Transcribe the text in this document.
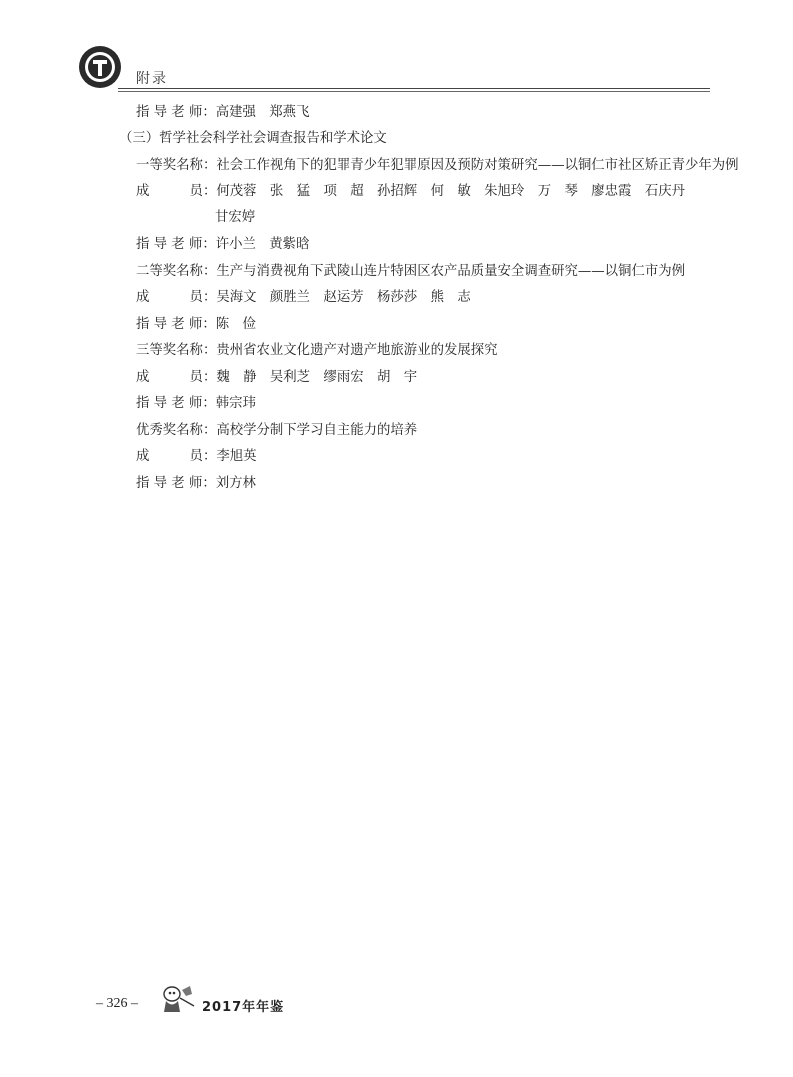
附录
指 导 老 师：高建强　郑燕飞
（三）哲学社会科学社会调查报告和学术论文
一等奖名称：社会工作视角下的犯罪青少年犯罪原因及预防对策研究——以铜仁市社区矫正青少年为例
成　　　员：何茂蓉　张　猛　项　超　孙招辉　何　敏　朱旭玲　万　琴　廖忠霞　石庆丹
甘宏婷
指 导 老 师：许小兰　黄紫晗
二等奖名称：生产与消费视角下武陵山连片特困区农产品质量安全调查研究——以铜仁市为例
成　　　员：吴海文　颜胜兰　赵运芳　杨莎莎　熊　志
指 导 老 师：陈　俭
三等奖名称：贵州省农业文化遗产对遗产地旅游业的发展探究
成　　　员：魏　静　吴利芝　缪雨宏　胡　宇
指 导 老 师：韩宗玮
优秀奖名称：高校学分制下学习自主能力的培养
成　　　员：李旭英
指 导 老 师：刘方林
– 326 –	2017年年鉴
